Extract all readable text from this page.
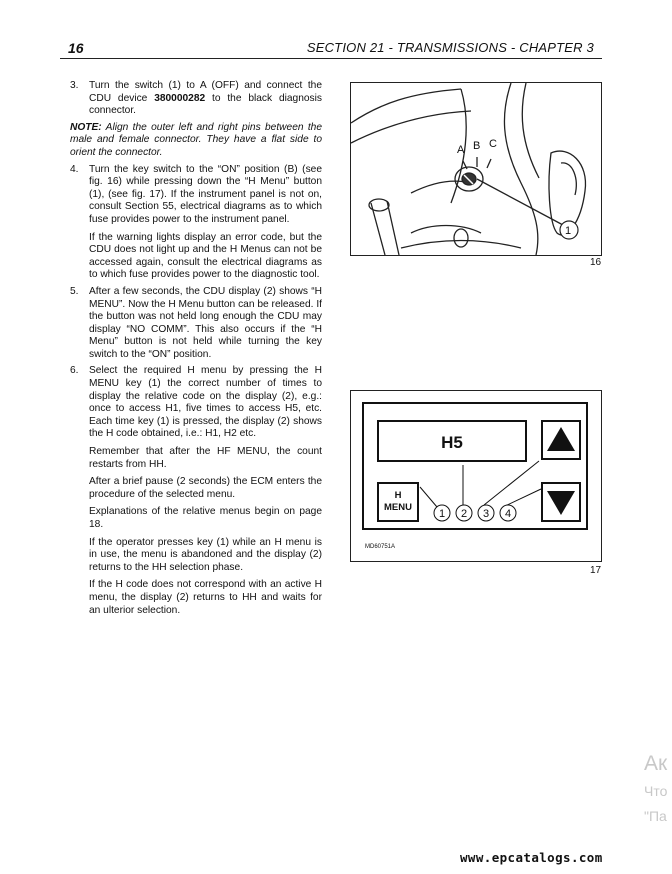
16	SECTION 21 - TRANSMISSIONS - CHAPTER 3
3. Turn the switch (1) to A (OFF) and connect the CDU device 380000282 to the black diagnosis connector.

NOTE: Align the outer left and right pins between the male and female connector. They have a flat side to orient the connector.
4. Turn the key switch to the “ON” position (B) (see fig. 16) while pressing down the “H Menu” button (1), (see fig. 17). If the instrument panel is not on, consult Section 55, electrical diagrams as to which fuse provides power to the instrument panel.

If the warning lights display an error code, but the CDU does not light up and the H Menus can not be accessed again, consult the electrical diagrams as to which fuse provides power to the diagnostic tool.
5. After a few seconds, the CDU display (2) shows “H MENU”. Now the H Menu button can be released. If the button was not held long enough the CDU may display “NO COMM”. This also occurs if the “H Menu” button is not held while turning the key switch to the “ON” position.

6. Select the required H menu by pressing the H MENU key (1) the correct number of times to display the relative code on the display (2), e.g.: once to access H1, five times to access H5, etc. Each time key (1) is pressed, the display (2) shows the H code obtained, i.e.: H1, H2 etc.

Remember that after the HF MENU, the count restarts from HH.
After a brief pause (2 seconds) the ECM enters the procedure of the selected menu.
Explanations of the relative menus begin on page 18.
If the operator presses key (1) while an H menu is in use, the menu is abandoned and the display (2) returns to the HH selection phase.
If the H code does not correspond with an active H menu, the display (2) returns to HH and waits for an ulterior selection.
A B C
1
16
H5
H
MENU
1 2 3 4
MD60751A
17
Ак
Что
"Па
www.epcatalogs.com
